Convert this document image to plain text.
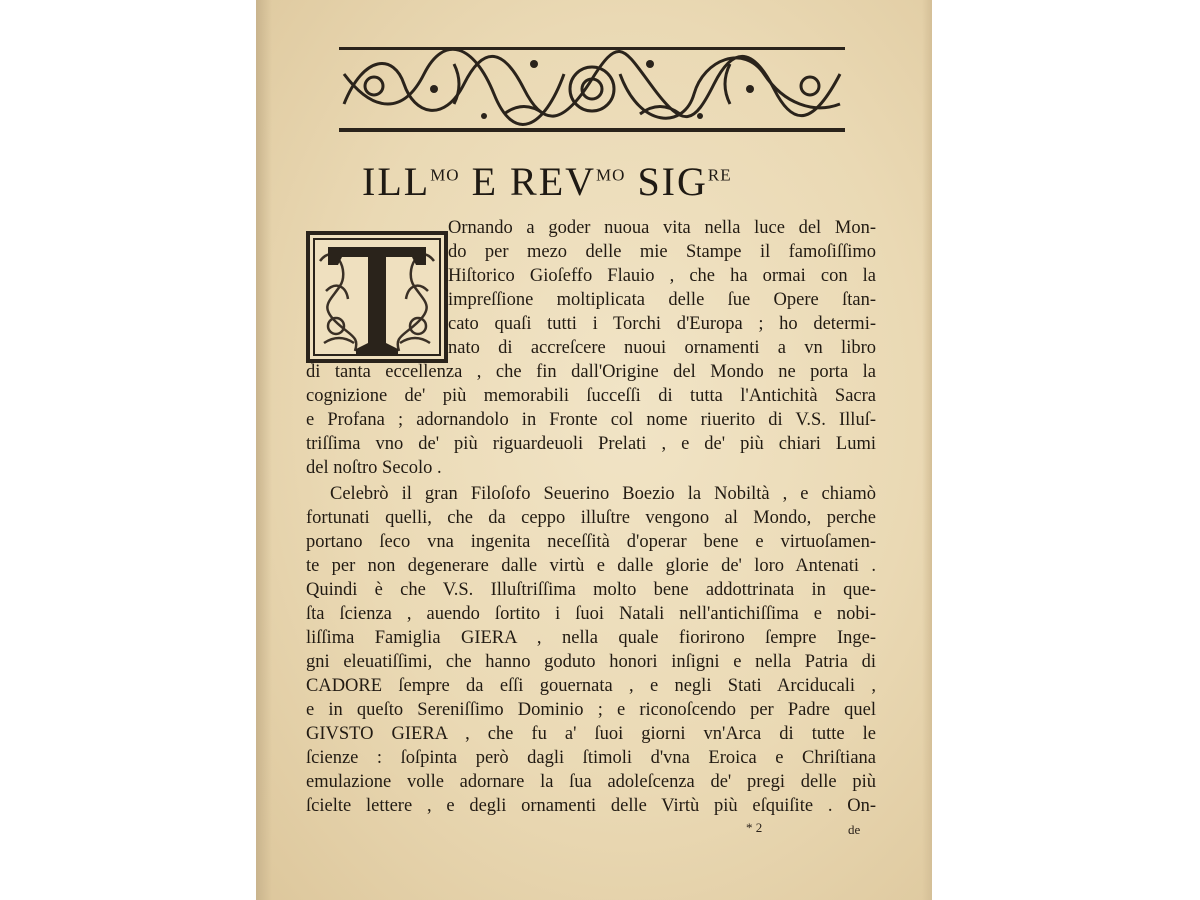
$ILL^{MO}$ E $REV^{MO}$ $SIG^{RE}$
Ornando a goder nuoua vita nella luce del Mon-
do per mezo delle mie Stampe il famoſiſſimo
Hiſtorico Gioſeffo Flauio , che ha ormai con la
impreſſione moltiplicata delle ſue Opere ſtan-
cato quaſi tutti i Torchi d'Europa ; ho determi-
nato di accreſcere nuoui ornamenti a vn libro
di tanta eccellenza , che fin dall'Origine del Mondo ne porta la
cognizione de' più memorabili ſucceſſi di tutta l'Antichità Sacra
e Profana ; adornandolo in Fronte col nome riuerito di V.S. Illuſ-
triſſima vno de' più riguardeuoli Prelati , e de' più chiari Lumi
del noſtro Secolo .
Celebrò il gran Filoſofo Seuerino Boezio la Nobiltà , e chiamò
fortunati quelli, che da ceppo illuſtre vengono al Mondo, perche
portano ſeco vna ingenita neceſſità d'operar bene e virtuoſamen-
te per non degenerare dalle virtù e dalle glorie de' loro Antenati .
Quindi è che V.S. Illuſtriſſima molto bene addottrinata in que-
ſta ſcienza , auendo ſortito i ſuoi Natali nell'antichiſſima e nobi-
liſſima Famiglia GIERA , nella quale fiorirono ſempre Inge-
gni eleuatiſſimi, che hanno goduto honori inſigni e nella Patria di
CADORE ſempre da eſſi gouernata , e negli Stati Arciducali ,
e in queſto Sereniſſimo Dominio ; e riconoſcendo per Padre quel
GIVSTO GIERA , che fu a' ſuoi giorni vn'Arca di tutte le
ſcienze : ſoſpinta però dagli ſtimoli d'vna Eroica e Chriſtiana
emulazione volle adornare la ſua adoleſcenza de' pregi delle più
ſcielte lettere , e degli ornamenti delle Virtù più eſquiſite . On-
* 2	de
